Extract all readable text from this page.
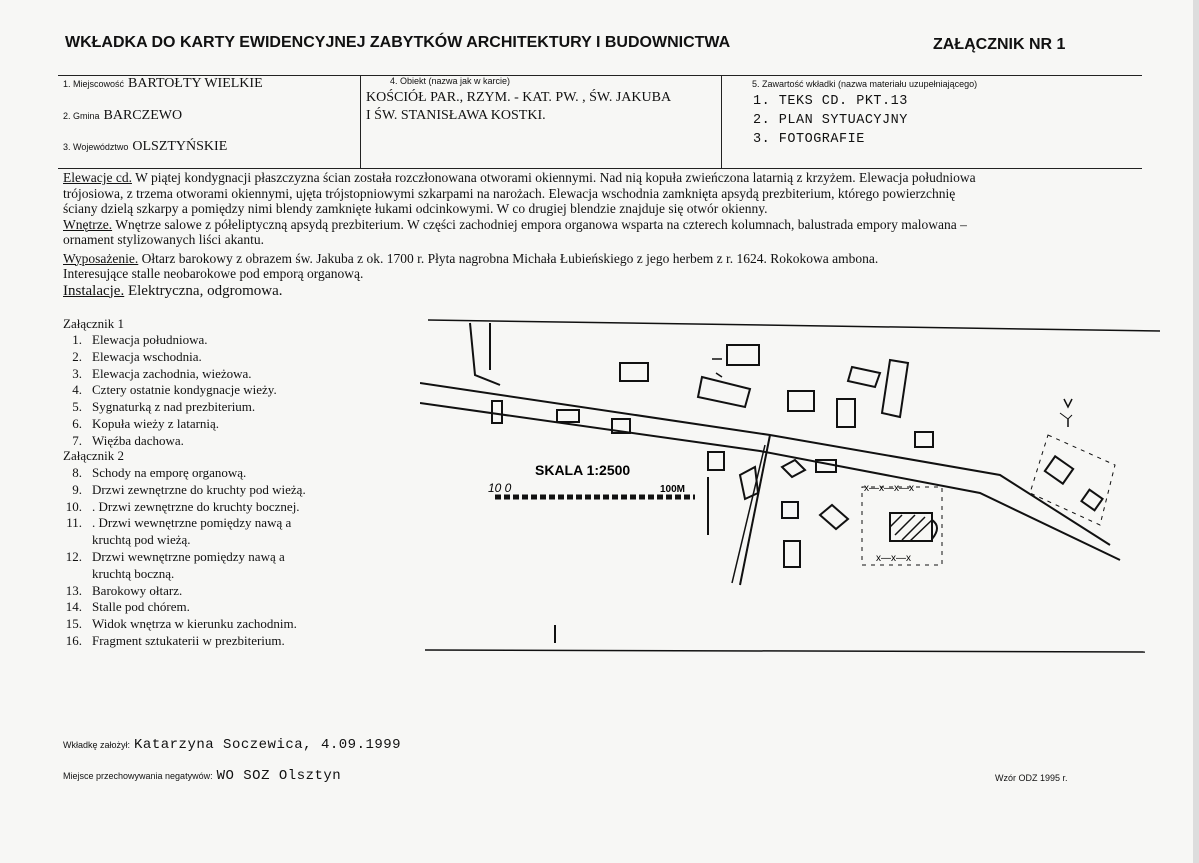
WKŁADKA DO KARTY EWIDENCYJNEJ ZABYTKÓW ARCHITEKTURY I BUDOWNICTWA	ZAŁĄCZNIK NR 1
1. Miejscowość BARTOŁTY WIELKIE
2. Gmina BARCZEWO
3. Województwo OLSZTYŃSKIE
4. Obiekt (nazwa jak w karcie)
KOŚCIÓŁ PAR., RZYM. - KAT. PW. , ŚW. JAKUBA
I ŚW. STANISŁAWA KOSTKI.
5. Zawartość wkładki (nazwa materiału uzupełniającego)
1. TEKS CD. PKT.13
2. PLAN SYTUACYJNY
3. FOTOGRAFIE
Elewacje cd. W piątej kondygnacji płaszczyzna ścian została rozczłonowana otworami okiennymi. Nad nią kopuła zwieńczona latarnią z krzyżem. Elewacja południowa
trójosiowa, z trzema otworami okiennymi, ujęta trójstopniowymi szkarpami na narożach. Elewacja wschodnia zamknięta apsydą prezbiterium, którego powierzchnię
ściany dzielą szkarpy a pomiędzy nimi blendy zamknięte łukami odcinkowymi. W co drugiej blendzie znajduje się otwór okienny.
Wnętrze. Wnętrze salowe z półeliptyczną apsydą prezbiterium. W części zachodniej empora organowa wsparta na czterech kolumnach, balustrada empory malowana –
ornament stylizowanych liści akantu.
Wyposażenie. Ołtarz barokowy z obrazem św. Jakuba z ok. 1700 r. Płyta nagrobna Michała Łubieńskiego z jego herbem z r. 1624. Rokokowa ambona.
Interesujące stalle neobarokowe pod emporą organową.
Instalacje. Elektryczna, odgromowa.
Załącznik 1
1. Elewacja południowa.
2. Elewacja wschodnia.
3. Elewacja zachodnia, wieżowa.
4. Cztery ostatnie kondygnacje wieży.
5. Sygnaturką z nad prezbiterium.
6. Kopuła wieży z latarnią.
7. Więźba dachowa.
Załącznik 2
8. Schody na emporę organową.
9. Drzwi zewnętrzne do kruchty pod wieżą.
10. . Drzwi zewnętrzne do kruchty bocznej.
11. . Drzwi wewnętrzne pomiędzy nawą a
kruchtą pod wieżą.
12. Drzwi wewnętrzne pomiędzy nawą a
kruchtą boczną.
13. Barokowy ołtarz.
14. Stalle pod chórem.
15. Widok wnętrza w kierunku zachodnim.
16. Fragment sztukaterii w prezbiterium.
SKALA 1:2500
10 0	100M	x—x—x—x
x—x—x
Wkładkę założył: Katarzyna Soczewica, 4.09.1999
Miejsce przechowywania negatywów: WO SOZ Olsztyn	Wzór ODZ 1995 r.
